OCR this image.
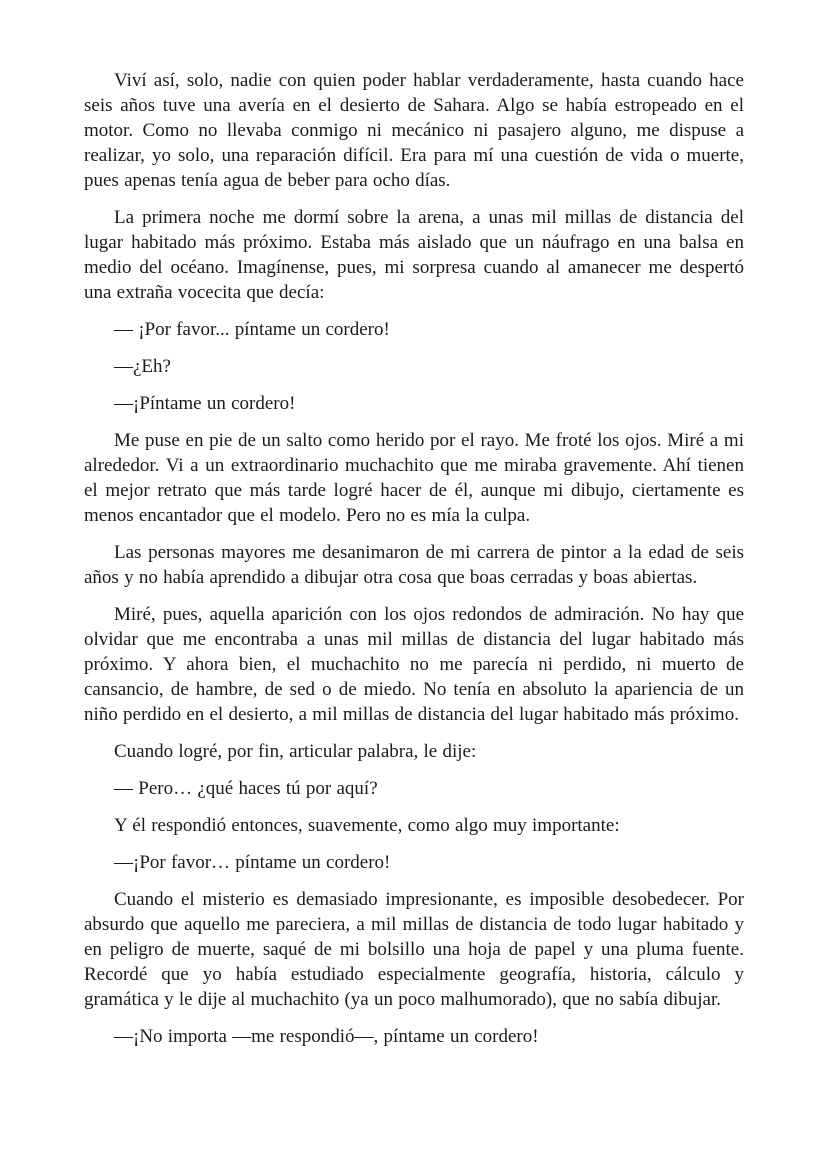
Viví así, solo, nadie con quien poder hablar verdaderamente, hasta cuando hace seis años tuve una avería en el desierto de Sahara. Algo se había estropeado en el motor. Como no llevaba conmigo ni mecánico ni pasajero alguno, me dispuse a realizar, yo solo, una reparación difícil. Era para mí una cuestión de vida o muerte, pues apenas tenía agua de beber para ocho días.

La primera noche me dormí sobre la arena, a unas mil millas de distancia del lugar habitado más próximo. Estaba más aislado que un náufrago en una balsa en medio del océano. Imagínense, pues, mi sorpresa cuando al amanecer me despertó una extraña vocecita que decía:

— ¡Por favor... píntame un cordero!

—¿Eh?

—¡Píntame un cordero!

Me puse en pie de un salto como herido por el rayo. Me froté los ojos. Miré a mi alrededor. Vi a un extraordinario muchachito que me miraba gravemente. Ahí tienen el mejor retrato que más tarde logré hacer de él, aunque mi dibujo, ciertamente es menos encantador que el modelo. Pero no es mía la culpa.

Las personas mayores me desanimaron de mi carrera de pintor a la edad de seis años y no había aprendido a dibujar otra cosa que boas cerradas y boas abiertas.

Miré, pues, aquella aparición con los ojos redondos de admiración. No hay que olvidar que me encontraba a unas mil millas de distancia del lugar habitado más próximo. Y ahora bien, el muchachito no me parecía ni perdido, ni muerto de cansancio, de hambre, de sed o de miedo. No tenía en absoluto la apariencia de un niño perdido en el desierto, a mil millas de distancia del lugar habitado más próximo.

Cuando logré, por fin, articular palabra, le dije:

— Pero… ¿qué haces tú por aquí?

Y él respondió entonces, suavemente, como algo muy importante:

—¡Por favor… píntame un cordero!

Cuando el misterio es demasiado impresionante, es imposible desobedecer. Por absurdo que aquello me pareciera, a mil millas de distancia de todo lugar habitado y en peligro de muerte, saqué de mi bolsillo una hoja de papel y una pluma fuente. Recordé que yo había estudiado especialmente geografía, historia, cálculo y gramática y le dije al muchachito (ya un poco malhumorado), que no sabía dibujar.

—¡No importa —me respondió—, píntame un cordero!
